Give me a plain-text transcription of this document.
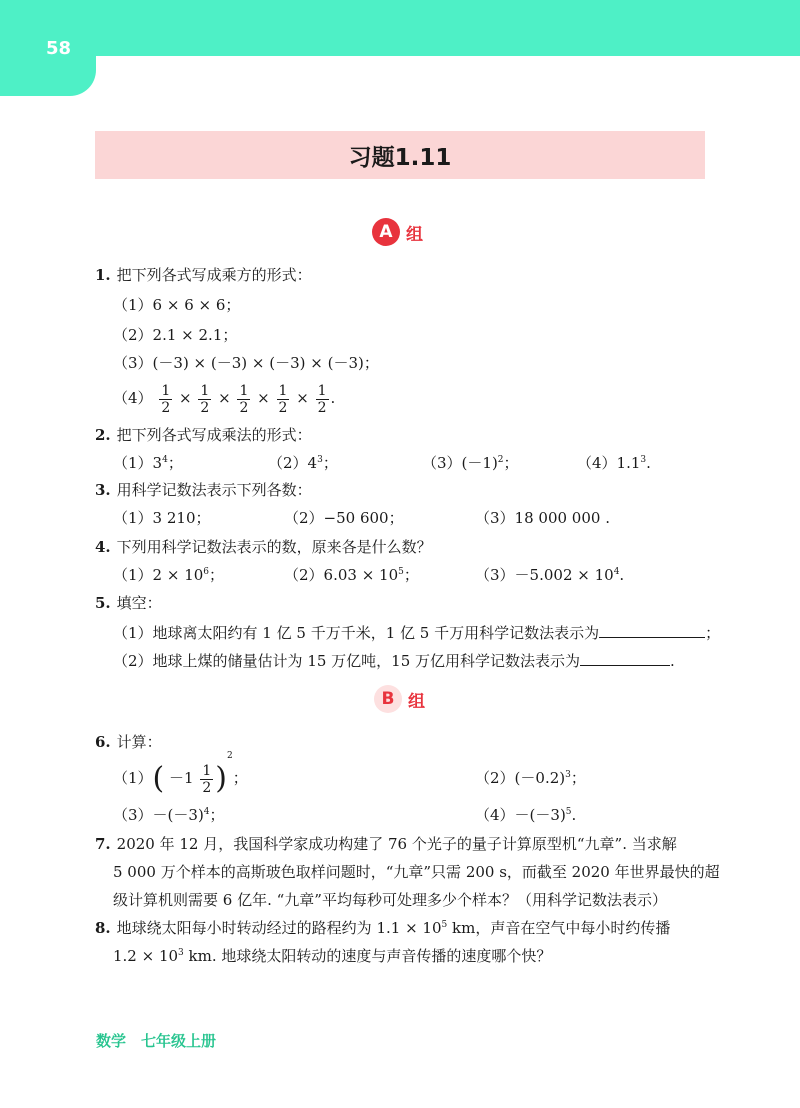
58
习题1.11
A 组
1. 把下列各式写成乘方的形式：
（1）6 × 6 × 6；
（2）2.1 × 2.1；
（3）(－3) × (－3) × (－3) × (－3)；
$(4) \frac{1}{2} \times \frac{1}{2} \times \frac{1}{2} \times \frac{1}{2} \times \frac{1}{2}$ .
2. 把下列各式写成乘法的形式：
$(1)3^4$；	$(2)4^3$；	$(3)(-1)^2$；	$(4)1.1^3$.
3. 用科学记数法表示下列各数：
（1）3 210；	（2）−50 600；	（3）18 000 000 .
4. 下列用科学记数法表示的数，原来各是什么数？
$(1)2 \times 10^6$；	$(2)6.03 \times 10^5$；	$(3)-5.002 \times 10^4$.
5. 填空：
（1）地球离太阳约有 1 亿 5 千万千米，1 亿 5 千万用科学记数法表示为	；
（2）地球上煤的储量估计为 15 万亿吨，15 万亿用科学记数法表示为	.
B 组
6. 计算：
$(1)( -1 \frac{1}{2} )^2$；	$(2)(-0.2)^3$；
$(3)-(-3)^4$；	$(4)-(-3)^5$.
7. 2020 年 12 月，我国科学家成功构建了 76 个光子的量子计算原型机“九章”. 当求解
5 000 万个样本的高斯玻色取样问题时，“九章”只需 200 s，而截至 2020 年世界最快的超
级计算机则需要 6 亿年. “九章”平均每秒可处理多少个样本？（用科学记数法表示）
8. 地球绕太阳每小时转动经过的路程约为 $1.1 \times 10^5$ km，声音在空气中每小时约传播
$1.2 \times 10^3$ km. 地球绕太阳转动的速度与声音传播的速度哪个快？
数学　七年级上册
